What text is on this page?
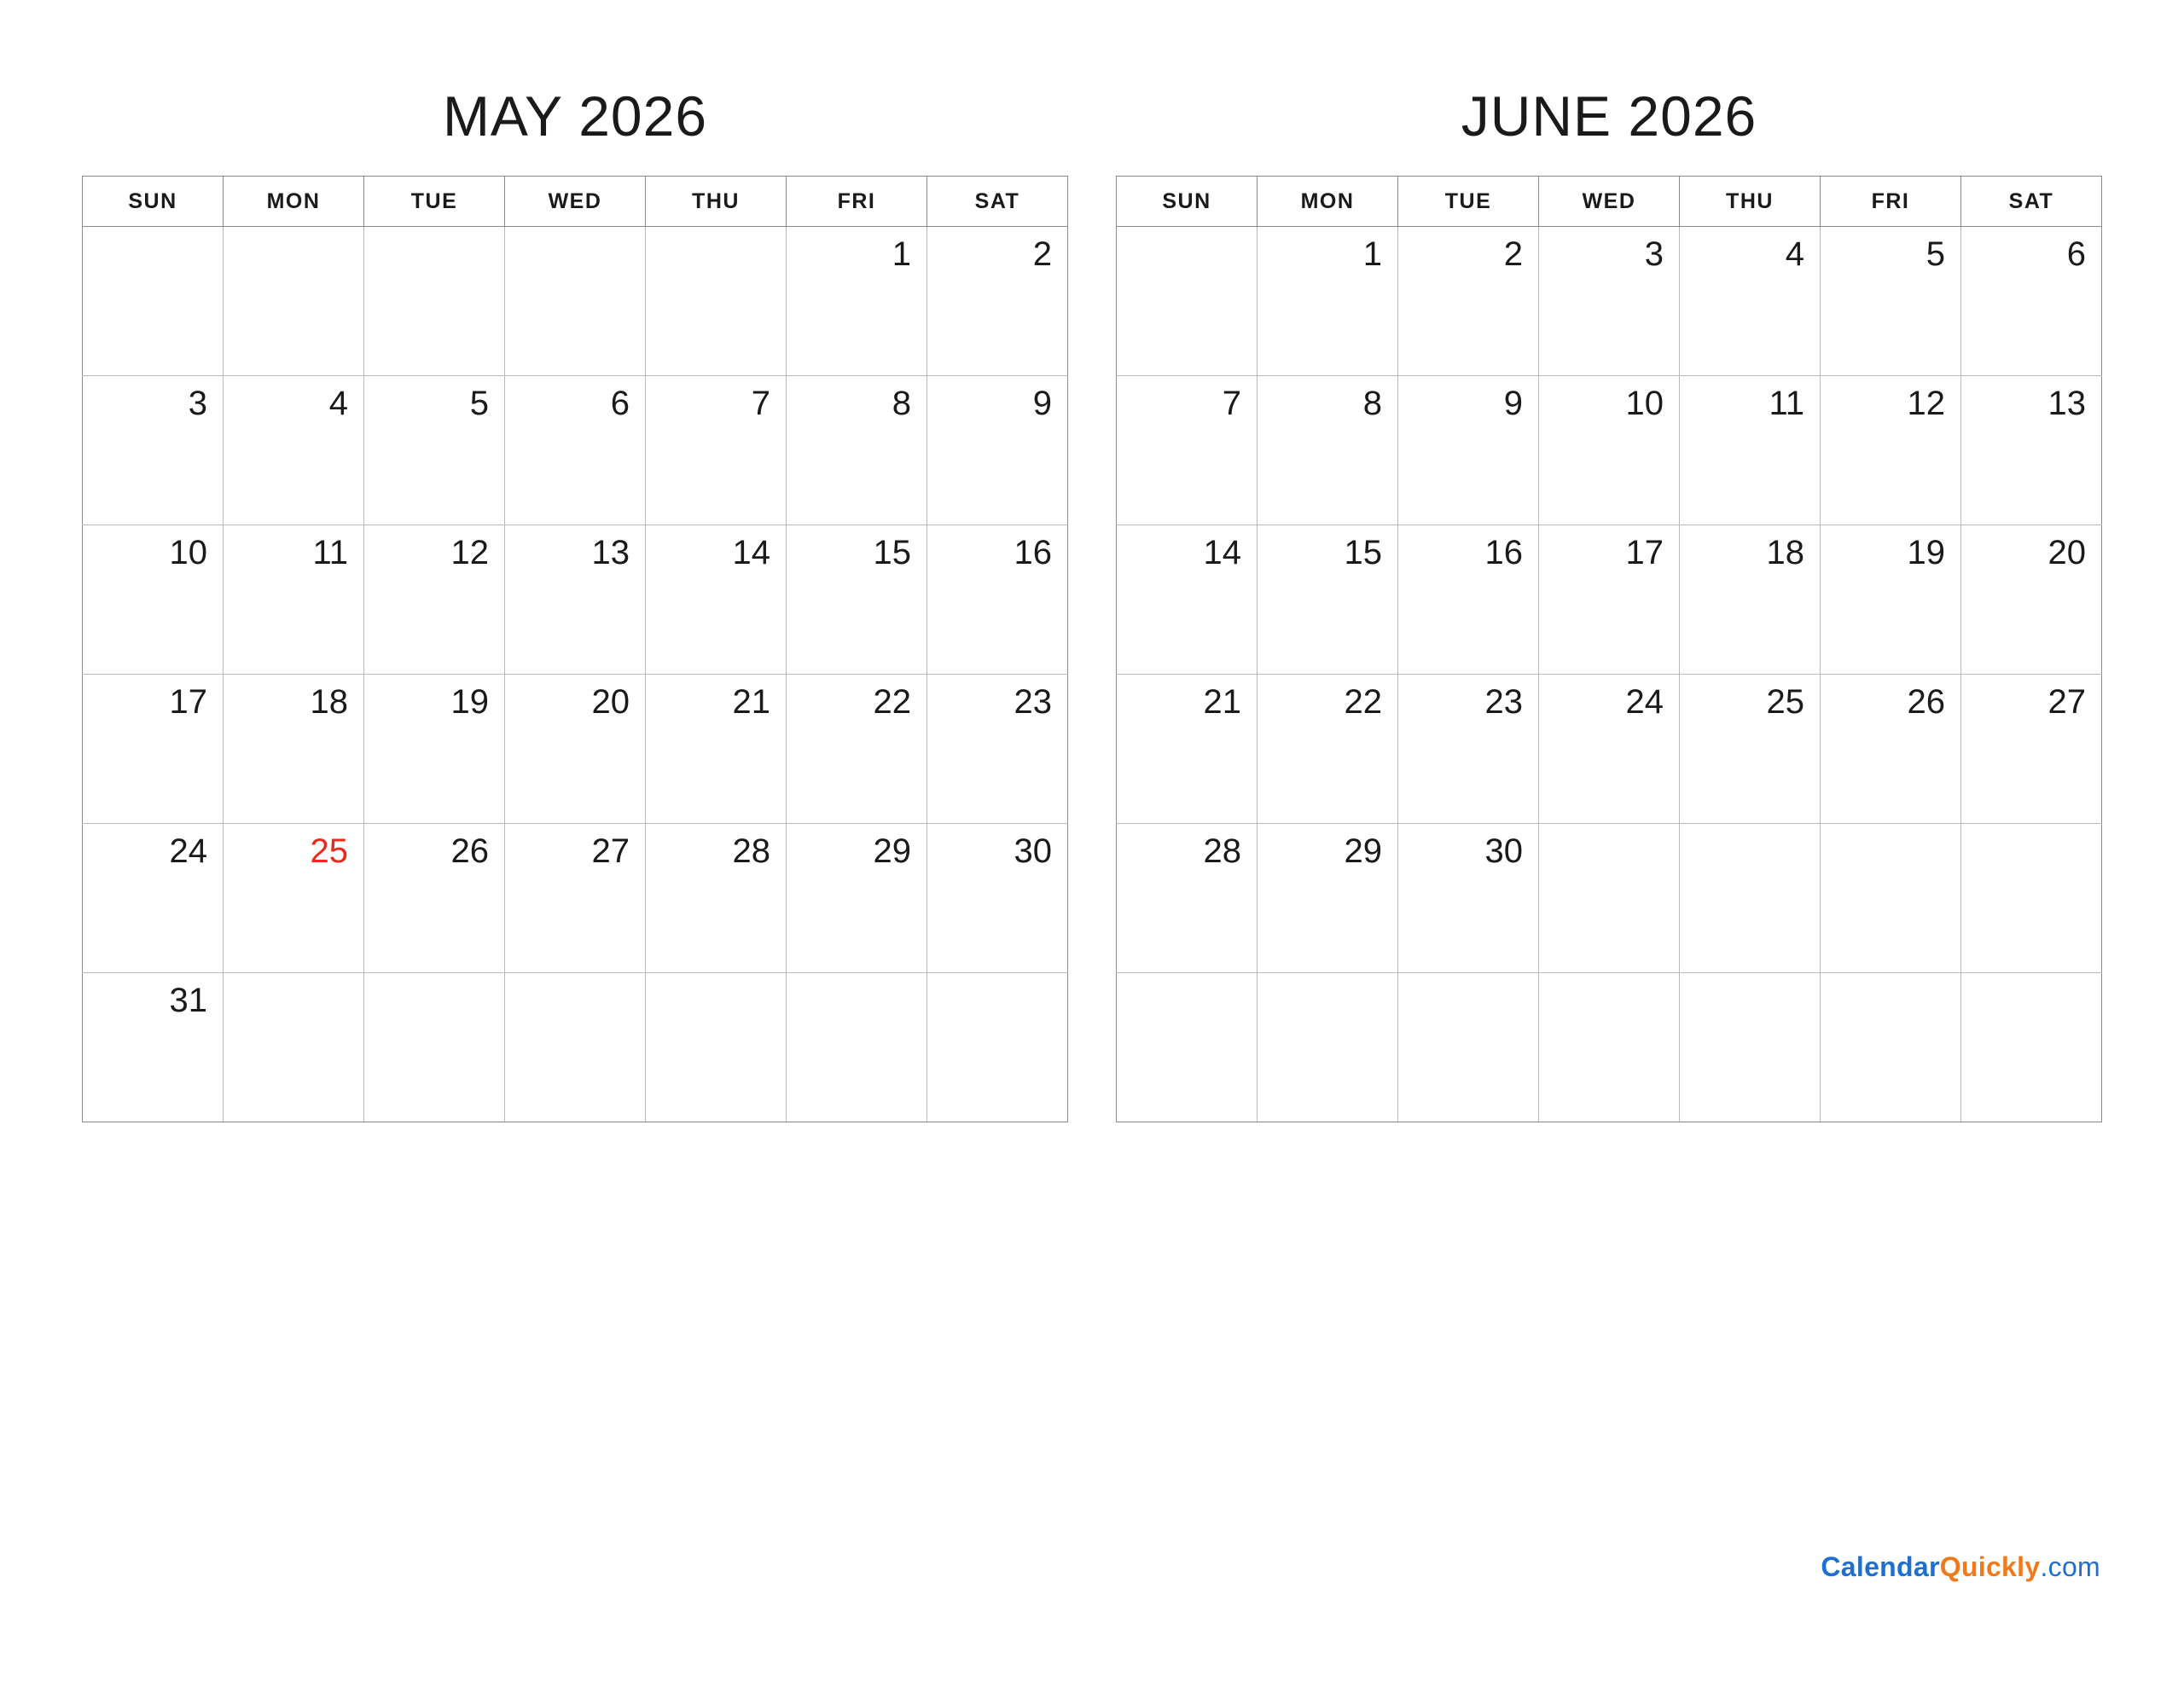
MAY 2026
SUN	MON	TUE	WED	THU	FRI	SAT
					1	2
3	4	5	6	7	8	9
10	11	12	13	14	15	16
17	18	19	20	21	22	23
24	25	26	27	28	29	30
31						
JUNE 2026
SUN	MON	TUE	WED	THU	FRI	SAT
	1	2	3	4	5	6
7	8	9	10	11	12	13
14	15	16	17	18	19	20
21	22	23	24	25	26	27
28	29	30				

CalendarQuickly.com
